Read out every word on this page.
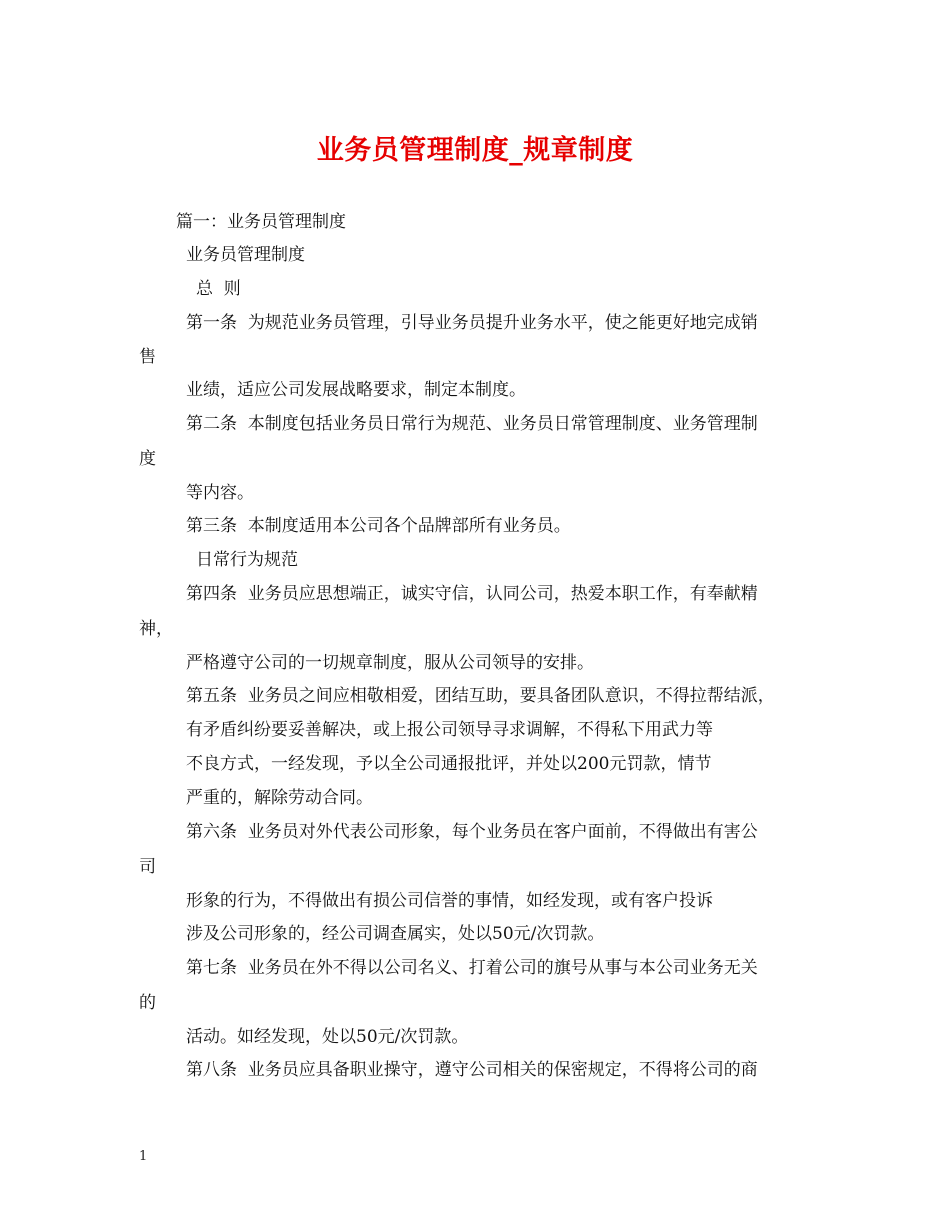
业务员管理制度_规章制度
篇一：业务员管理制度
业务员管理制度
总  则
第一条  为规范业务员管理，引导业务员提升业务水平，使之能更好地完成销
售
业绩，适应公司发展战略要求，制定本制度。
第二条  本制度包括业务员日常行为规范、业务员日常管理制度、业务管理制
度
等内容。
第三条  本制度适用本公司各个品牌部所有业务员。
日常行为规范
第四条  业务员应思想端正，诚实守信，认同公司，热爱本职工作，有奉献精
神，
严格遵守公司的一切规章制度，服从公司领导的安排。
第五条  业务员之间应相敬相爱，团结互助，要具备团队意识，不得拉帮结派，
有矛盾纠纷要妥善解决，或上报公司领导寻求调解，不得私下用武力等
不良方式，一经发现，予以全公司通报批评，并处以200元罚款，情节
严重的，解除劳动合同。
第六条  业务员对外代表公司形象，每个业务员在客户面前，不得做出有害公
司
形象的行为，不得做出有损公司信誉的事情，如经发现，或有客户投诉
涉及公司形象的，经公司调查属实，处以50元/次罚款。
第七条  业务员在外不得以公司名义、打着公司的旗号从事与本公司业务无关
的
活动。如经发现，处以50元/次罚款。
第八条  业务员应具备职业操守，遵守公司相关的保密规定，不得将公司的商
1
